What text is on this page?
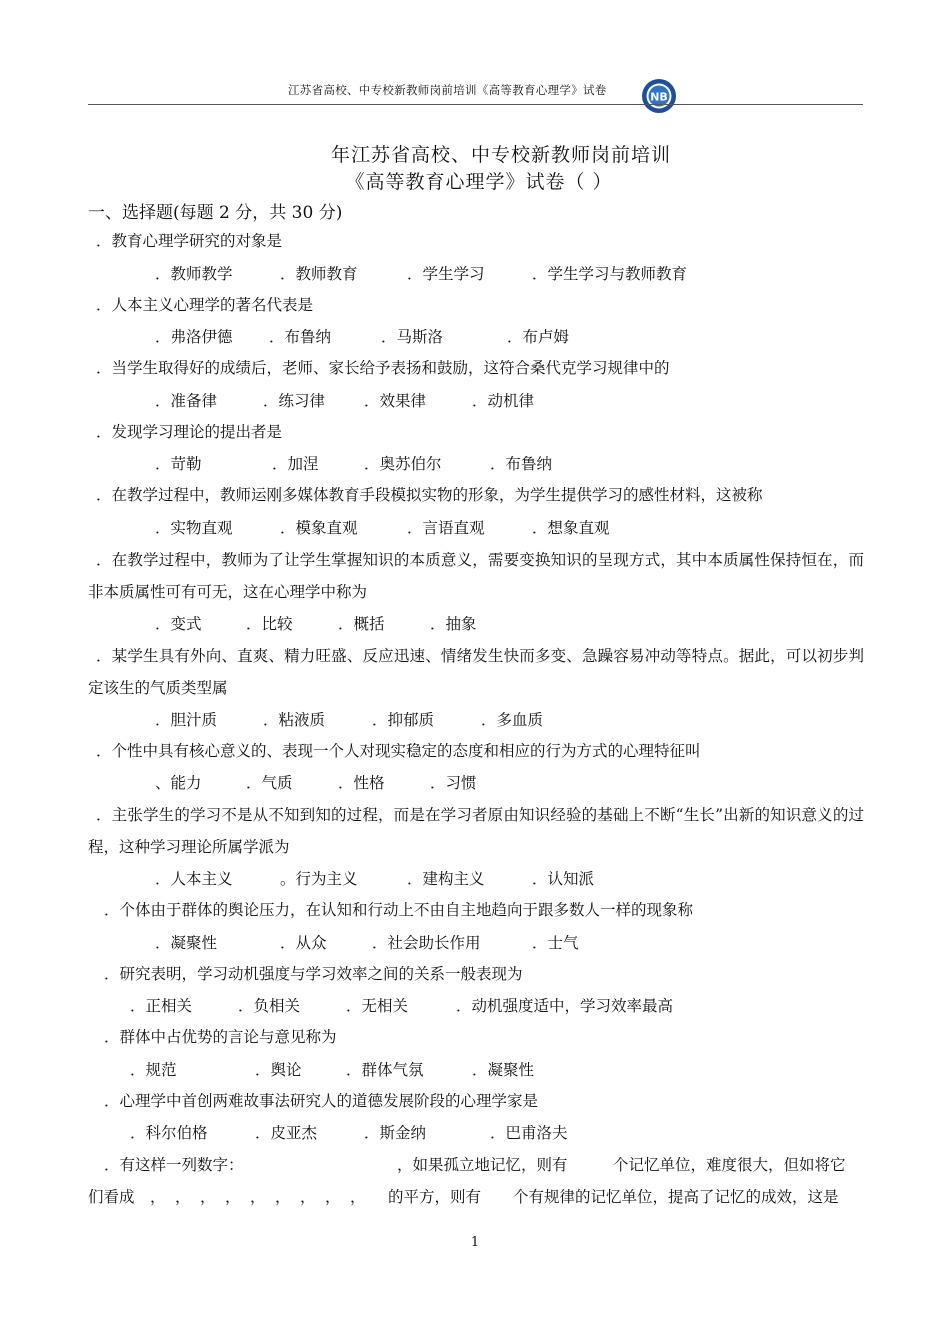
江苏省高校、中专校新教师岗前培训《高等教育心理学》试卷	NB
年江苏省高校、中专校新教师岗前培训
《高等教育心理学》试卷（ ）
一、选择题(每题 2 分，共 30 分)
．教育心理学研究的对象是
．教师教学	．教师教育	．学生学习	．学生学习与教师教育
．人本主义心理学的著名代表是
．弗洛伊德 ．布鲁纳	．马斯洛	．布卢姆
．当学生取得好的成绩后，老师、家长给予表扬和鼓励，这符合桑代克学习规律中的
．准备律	．练习律	．效果律	．动机律
．发现学习理论的提出者是
．苛勒	．加涅	．奥苏伯尔	．布鲁纳
．在教学过程中，教师运刚多媒体教育手段模拟实物的形象，为学生提供学习的感性材料，这被称
．实物直观	．模象直观	．言语直观	．想象直观
．在教学过程中，教师为了让学生掌握知识的本质意义，需要变换知识的呈现方式，其中本质属性保持恒在，而非本质属性可有可无，这在心理学中称为
．变式	．比较	．概括	．抽象
．某学生具有外向、直爽、精力旺盛、反应迅速、情绪发生快而多变、急躁容易冲动等特点。据此，可以初步判定该生的气质类型属
．胆汁质	．粘液质	．抑郁质	．多血质
．个性中具有核心意义的、表现一个人对现实稳定的态度和相应的行为方式的心理特征叫
、能力	．气质	．性格	．习惯
．主张学生的学习不是从不知到知的过程，而是在学习者原由知识经验的基础上不断“生长”出新的知识意义的过程，这种学习理论所属学派为
．人本主义	。行为主义	．建构主义	．认知派
．个体由于群体的舆论压力，在认知和行动上不由自主地趋向于跟多数人一样的现象称
．凝聚性	．从众	．社会助长作用	．士气
．研究表明，学习动机强度与学习效率之间的关系一般表现为
．正相关	．负相关	．无相关	．动机强度适中，学习效率最高
．群体中占优势的言论与意见称为
．规范	．舆论	．群体气氛	．凝聚性
．心理学中首创两难故事法研究人的道德发展阶段的心理学家是
．科尔伯格	．皮亚杰	．斯金纳	．巴甫洛夫
．有这样一列数字：	，如果孤立地记忆，则有	个记忆单位，难度很大，但如将它
们看成 ， ， ， ， ， ， ， ， ， 的平方，则有 个有规律的记忆单位，提高了记忆的成效，这是
1
